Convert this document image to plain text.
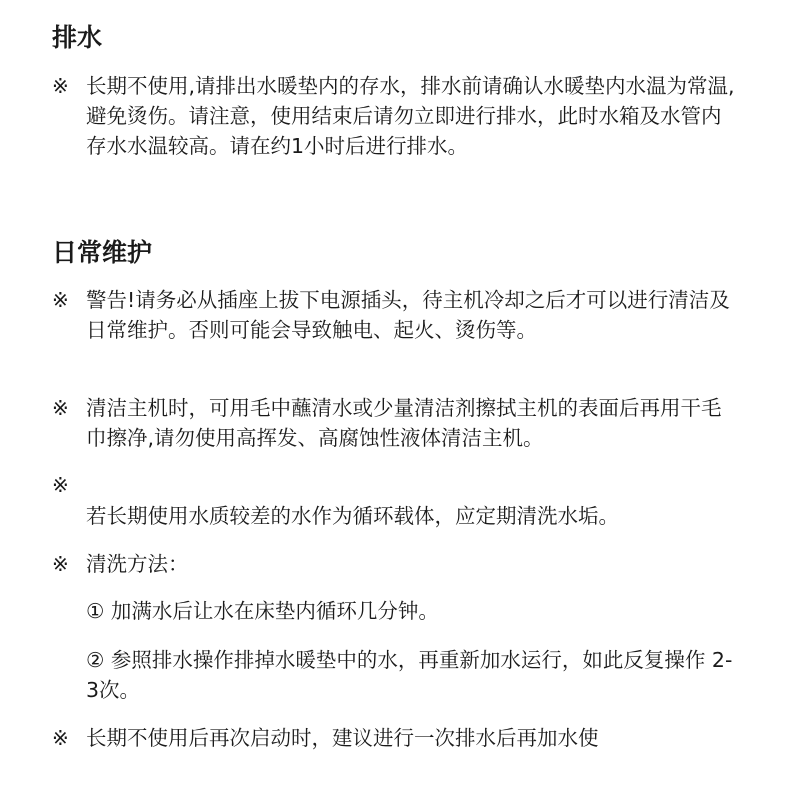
排水
※ 长期不使用,请排出水暖垫内的存水，排水前请确认水暖垫内水温为常温,避免烫伤。请注意，使用结束后请勿立即进行排水，此时水箱及水管内存水水温较高。请在约1小时后进行排水。

日常维护
※ 警告!请务必从插座上拔下电源插头，待主机冷却之后才可以进行清洁及日常维护。否则可能会导致触电、起火、烫伤等。

※ 清洁主机时，可用毛中蘸清水或少量清洁剂擦拭主机的表面后再用干毛巾擦净,请勿使用高挥发、高腐蚀性液体清洁主机。

※

若长期使用水质较差的水作为循环载体，应定期清洗水垢。

※ 清洗方法：

① 加满水后让水在床垫内循环几分钟。

② 参照排水操作排掉水暖垫中的水，再重新加水运行，如此反复操作 2-3次。

※ 长期不使用后再次启动时，建议进行一次排水后再加水使
